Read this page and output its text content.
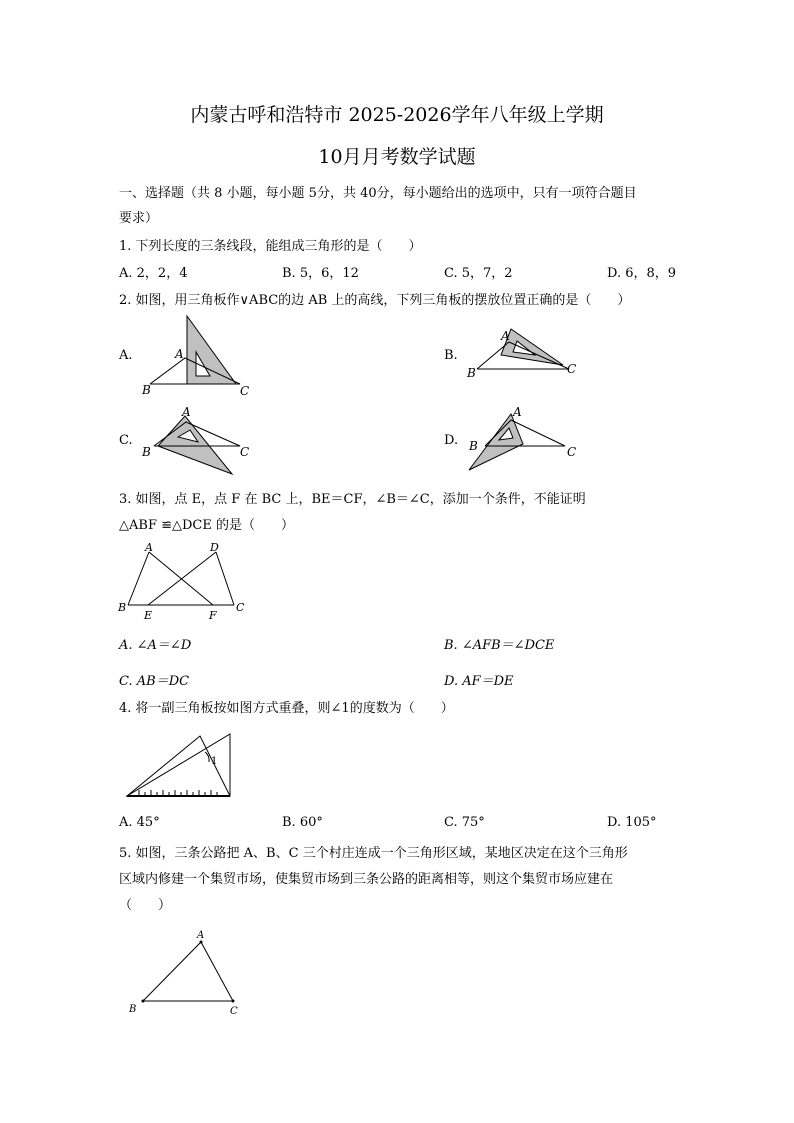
内蒙古呼和浩特市 2025-2026学年八年级上学期
10月月考数学试题
一、选择题（共 8 小题，每小题 5分，共 40分，每小题给出的选项中，只有一项符合题目
要求）
1. 下列长度的三条线段，能组成三角形的是（　　）
A. 2，2，4	B. 5，6，12	C. 5，7，2	D. 6，8，9
2. 如图，用三角板作∨ABC的边 AB 上的高线，下列三角板的摆放位置正确的是（　　）
A.	A
B	C
B.
A
B	C
C.
A
B	C
D.
A
B	C
3. 如图，点 E，点 F 在 BC 上，BE＝CF，∠B＝∠C，添加一个条件，不能证明
△ABF ≌△DCE 的是（　　）
A	D
B
E	F
C
A. ∠A＝∠D	B. ∠AFB＝∠DCE
C. AB＝DC	D. AF＝DE
4. 将一副三角板按如图方式重叠，则∠1的度数为（　　）
1
A. 45°	B. 60°	C. 75°	D. 105°
5. 如图，三条公路把 A、B、C 三个村庄连成一个三角形区域，某地区决定在这个三角形
区域内修建一个集贸市场，使集贸市场到三条公路的距离相等，则这个集贸市场应建在
（　　）
A
B	C
